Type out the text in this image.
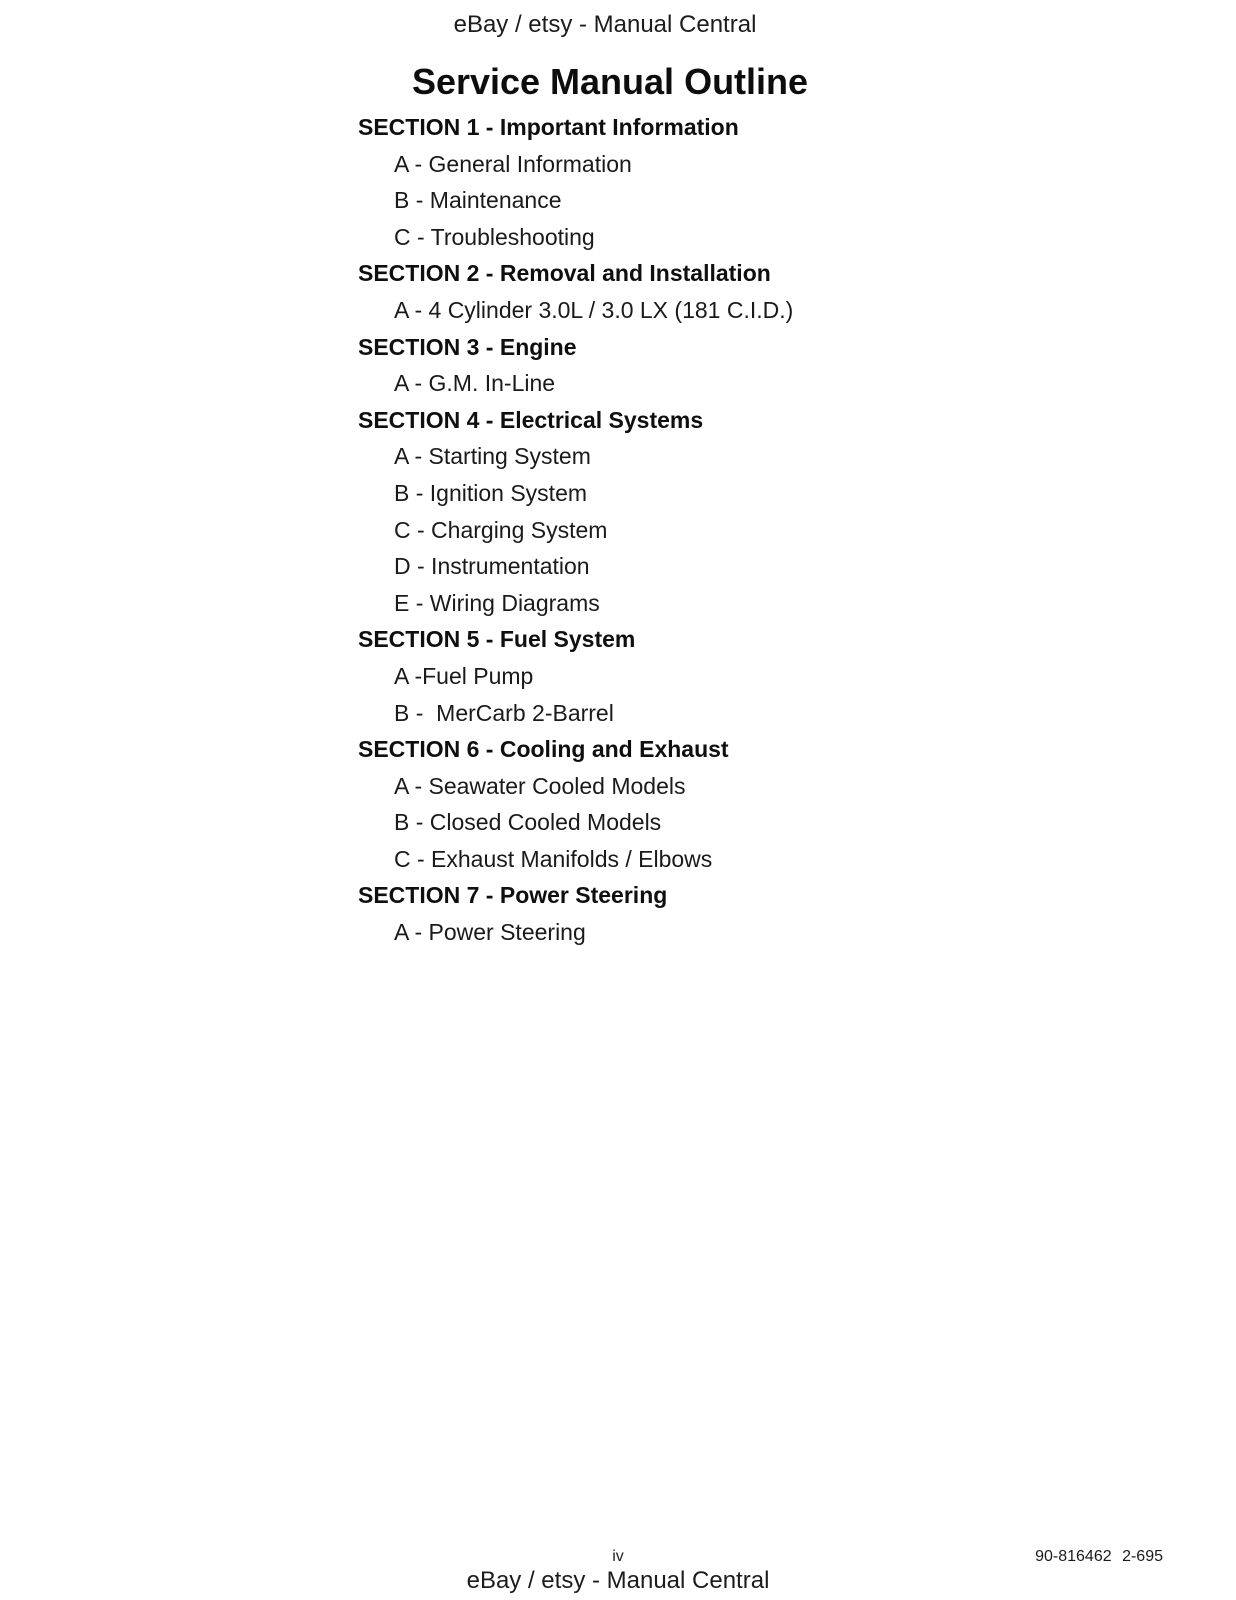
eBay / etsy - Manual Central
Service Manual Outline
SECTION 1 - Important Information
A - General Information
B - Maintenance
C - Troubleshooting
SECTION 2 - Removal and Installation
A - 4 Cylinder 3.0L / 3.0 LX (181 C.I.D.)
SECTION 3 - Engine
A - G.M. In-Line
SECTION 4 - Electrical Systems
A - Starting System
B - Ignition System
C - Charging System
D - Instrumentation
E - Wiring Diagrams
SECTION 5 - Fuel System
A -Fuel Pump
B -  MerCarb 2-Barrel
SECTION 6 - Cooling and Exhaust
A - Seawater Cooled Models
B - Closed Cooled Models
C - Exhaust Manifolds / Elbows
SECTION 7 - Power Steering
A - Power Steering
iv	90-816462 2-695
eBay / etsy - Manual Central
